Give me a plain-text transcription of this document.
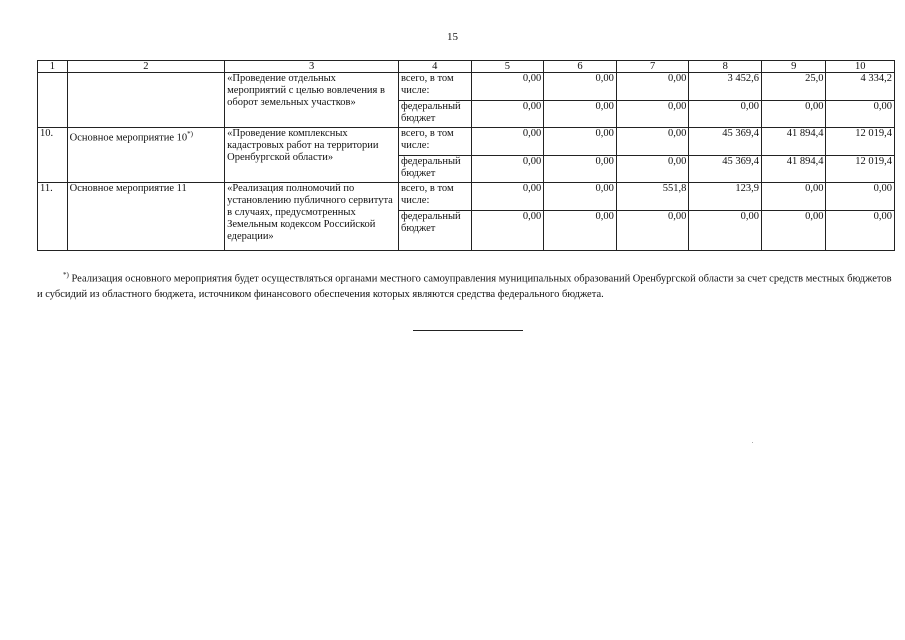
15
1	2	3	4	5	6	7	8	9	10
		«Проведение отдельных мероприятий с целью вовлечения в оборот земельных участков»	всего, в том числе:	0,00	0,00	0,00	3 452,6	25,0	4 334,2
			федеральный бюджет	0,00	0,00	0,00	0,00	0,00	0,00
10.	Основное мероприятие 10*)	«Проведение комплексных кадастровых работ на территории Оренбургской области»	всего, в том числе:	0,00	0,00	0,00	45 369,4	41 894,4	12 019,4
			федеральный бюджет	0,00	0,00	0,00	45 369,4	41 894,4	12 019,4
11.	Основное мероприятие 11	«Реализация полномочий по установлению публичного сервитута в случаях, предусмотренных Земельным кодексом Российской едерации»	всего, в том числе:	0,00	0,00	551,8	123,9	0,00	0,00
			федеральный бюджет	0,00	0,00	0,00	0,00	0,00	0,00
*) Реализация основного мероприятия будет осуществляться органами местного самоуправления муниципальных образований Оренбургской области за счет средств местных бюджетов и субсидий из областного бюджета, источником финансового обеспечения которых являются средства федерального бюджета.
